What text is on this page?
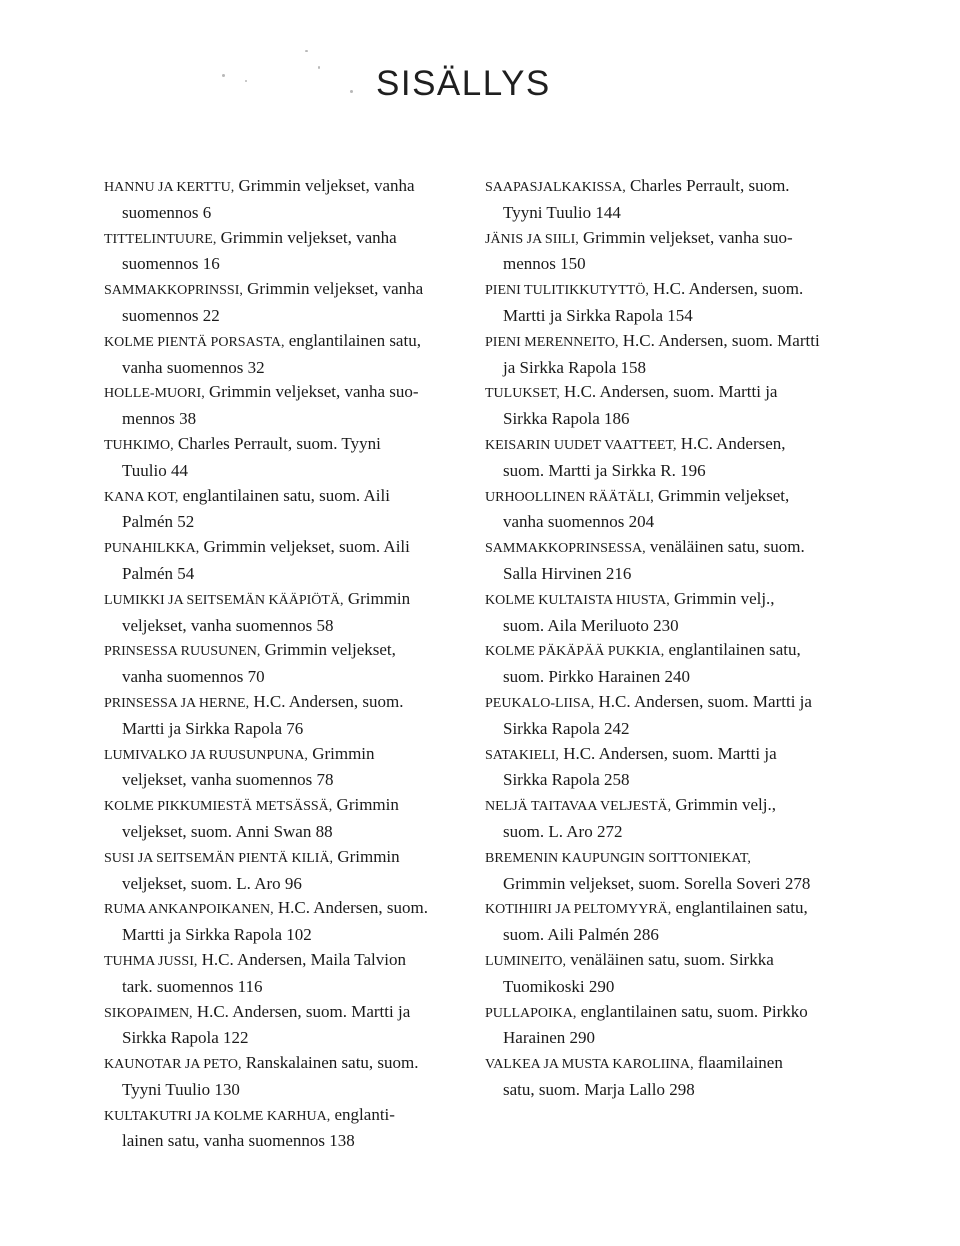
SISÄLLYS

HANNU JA KERTTU, Grimmin veljekset, vanha
suomennos 6

TITTELINTUURE, Grimmin veljekset, vanha
suomennos 16

SAMMAKKOPRINSSI, Grimmin veljekset, vanha
suomennos 22

KOLME PIENTÄ PORSASTA, englantilainen satu,
vanha suomennos 32

HOLLE-MUORI, Grimmin veljekset, vanha suo-
mennos 38

TUHKIMO, Charles Perrault, suom. Tyyni
Tuulio 44

KANA KOT, englantilainen satu, suom. Aili
Palmén 52

PUNAHILKKA, Grimmin veljekset, suom. Aili
Palmén 54

LUMIKKI JA SEITSEMÄN KÄÄPIÖTÄ, Grimmin
veljekset, vanha suomennos 58

PRINSESSA RUUSUNEN, Grimmin veljekset,
vanha suomennos 70

PRINSESSA JA HERNE, H.C. Andersen, suom.
Martti ja Sirkka Rapola 76

LUMIVALKO JA RUUSUNPUNA, Grimmin
veljekset, vanha suomennos 78

KOLME PIKKUMIESTÄ METSÄSSÄ, Grimmin
veljekset, suom. Anni Swan 88

SUSI JA SEITSEMÄN PIENTÄ KILIÄ, Grimmin
veljekset, suom. L. Aro 96

RUMA ANKANPOIKANEN, H.C. Andersen, suom.
Martti ja Sirkka Rapola 102

TUHMA JUSSI, H.C. Andersen, Maila Talvion
tark. suomennos 116

SIKOPAIMEN, H.C. Andersen, suom. Martti ja
Sirkka Rapola 122

KAUNOTAR JA PETO, Ranskalainen satu, suom.
Tyyni Tuulio 130

KULTAKUTRI JA KOLME KARHUA, englanti-
lainen satu, vanha suomennos 138

SAAPASJALKAKISSA, Charles Perrault, suom.
Tyyni Tuulio 144

JÄNIS JA SIILI, Grimmin veljekset, vanha suo-
mennos 150

PIENI TULITIKKUTYTTÖ, H.C. Andersen, suom.
Martti ja Sirkka Rapola 154

PIENI MERENNEITO, H.C. Andersen, suom. Martti
ja Sirkka Rapola 158

TULUKSET, H.C. Andersen, suom. Martti ja
Sirkka Rapola 186

KEISARIN UUDET VAATTEET, H.C. Andersen,
suom. Martti ja Sirkka R. 196

URHOOLLINEN RÄÄTÄLI, Grimmin veljekset,
vanha suomennos 204

SAMMAKKOPRINSESSA, venäläinen satu, suom.
Salla Hirvinen 216

KOLME KULTAISTA HIUSTA, Grimmin velj.,
suom. Aila Meriluoto 230

KOLME PÄKÄPÄÄ PUKKIA, englantilainen satu,
suom. Pirkko Harainen 240

PEUKALO-LIISA, H.C. Andersen, suom. Martti ja
Sirkka Rapola 242

SATAKIELI, H.C. Andersen, suom. Martti ja
Sirkka Rapola 258

NELJÄ TAITAVAA VELJESTÄ, Grimmin velj.,
suom. L. Aro 272

BREMENIN KAUPUNGIN SOITTONIEKAT,
Grimmin veljekset, suom. Sorella Soveri 278

KOTIHIIRI JA PELTOMYYRÄ, englantilainen satu,
suom. Aili Palmén 286

LUMINEITO, venäläinen satu, suom. Sirkka
Tuomikoski 290

PULLAPOIKA, englantilainen satu, suom. Pirkko
Harainen 290

VALKEA JA MUSTA KAROLIINA, flaamilainen
satu, suom. Marja Lallo 298
